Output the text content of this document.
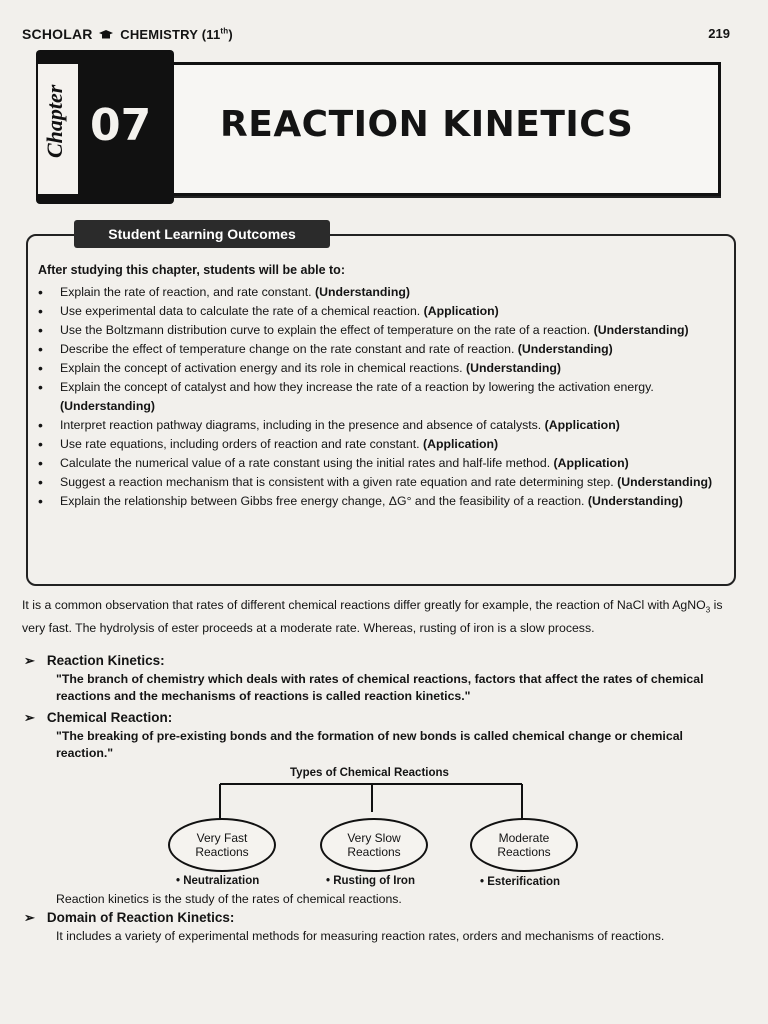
SCHOLAR CHEMISTRY (11th)	219
Chapter 07 REACTION KINETICS
Student Learning Outcomes
After studying this chapter, students will be able to:
• Explain the rate of reaction, and rate constant. (Understanding)
• Use experimental data to calculate the rate of a chemical reaction. (Application)
• Use the Boltzmann distribution curve to explain the effect of temperature on the rate of a reaction. (Understanding)
• Describe the effect of temperature change on the rate constant and rate of reaction. (Understanding)
• Explain the concept of activation energy and its role in chemical reactions. (Understanding)
• Explain the concept of catalyst and how they increase the rate of a reaction by lowering the activation energy. (Understanding)
• Interpret reaction pathway diagrams, including in the presence and absence of catalysts. (Application)
• Use rate equations, including orders of reaction and rate constant. (Application)
• Calculate the numerical value of a rate constant using the initial rates and half-life method. (Application)
• Suggest a reaction mechanism that is consistent with a given rate equation and rate determining step. (Understanding)
• Explain the relationship between Gibbs free energy change, ΔG° and the feasibility of a reaction. (Understanding)
It is a common observation that rates of different chemical reactions differ greatly for example, the reaction of NaCl with AgNO$_3$ is very fast. The hydrolysis of ester proceeds at a moderate rate. Whereas, rusting of iron is a slow process.
➢ Reaction Kinetics:
"The branch of chemistry which deals with rates of chemical reactions, factors that affect the rates of chemical reactions and the mechanisms of reactions is called reaction kinetics."
➢ Chemical Reaction:
"The breaking of pre-existing bonds and the formation of new bonds is called chemical change or chemical reaction."
Types of Chemical Reactions
Very Fast
Reactions
Very Slow
Reactions
Moderate
Reactions
• Neutralization	• Rusting of Iron	• Esterification
Reaction kinetics is the study of the rates of chemical reactions.
➢ Domain of Reaction Kinetics:
It includes a variety of experimental methods for measuring reaction rates, orders and mechanisms of reactions.
